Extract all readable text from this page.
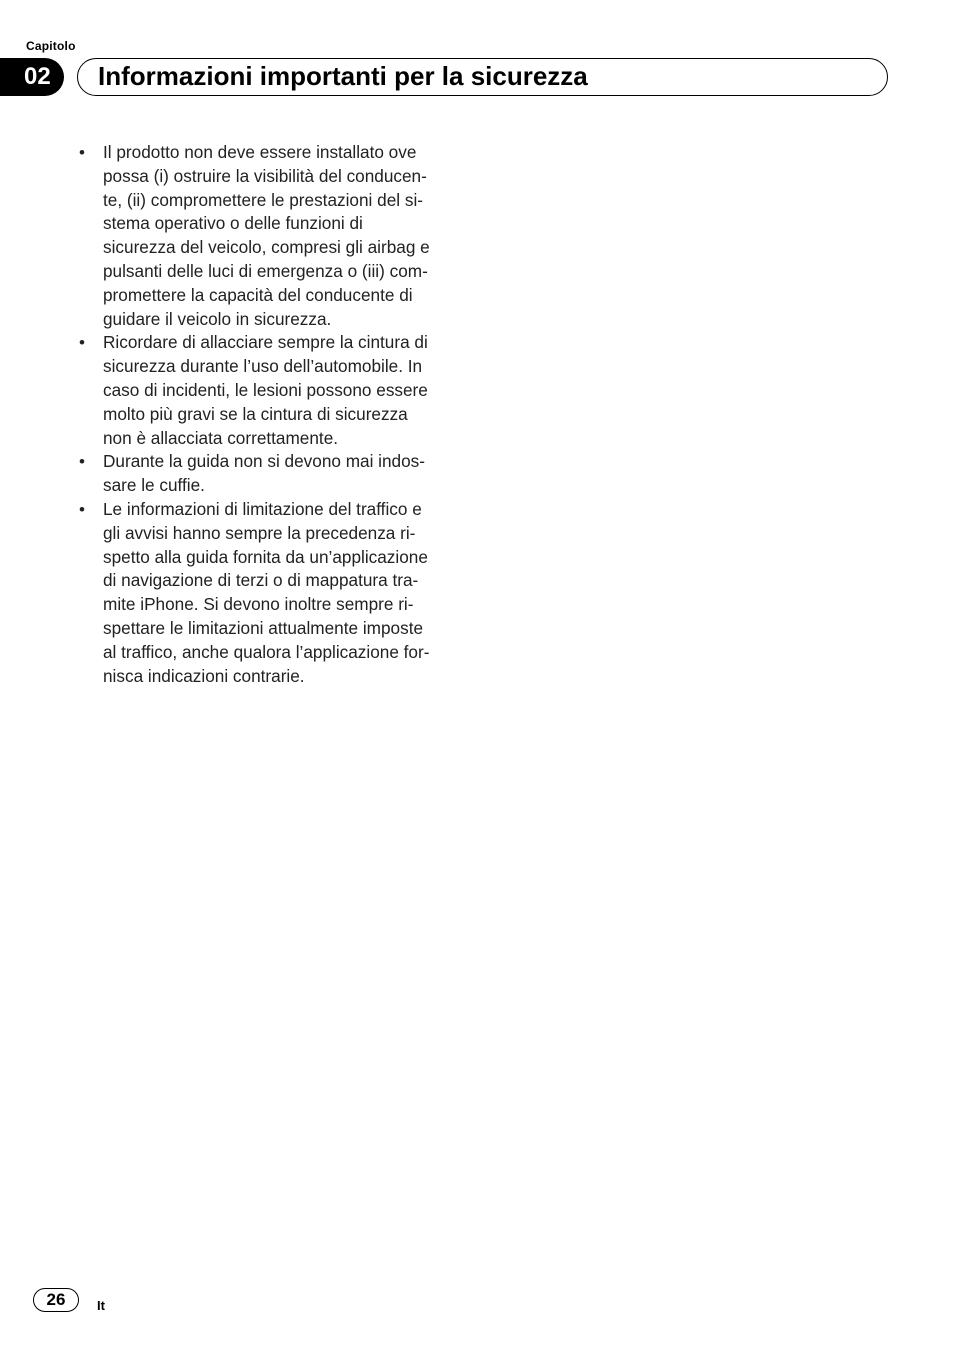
Capitolo
02	Informazioni importanti per la sicurezza
• Il prodotto non deve essere installato ove
possa (i) ostruire la visibilità del conducen-
te, (ii) compromettere le prestazioni del si-
stema operativo o delle funzioni di
sicurezza del veicolo, compresi gli airbag e
pulsanti delle luci di emergenza o (iii) com-
promettere la capacità del conducente di
guidare il veicolo in sicurezza.
• Ricordare di allacciare sempre la cintura di
sicurezza durante l’uso dell’automobile. In
caso di incidenti, le lesioni possono essere
molto più gravi se la cintura di sicurezza
non è allacciata correttamente.
• Durante la guida non si devono mai indos-
sare le cuffie.
• Le informazioni di limitazione del traffico e
gli avvisi hanno sempre la precedenza ri-
spetto alla guida fornita da un’applicazione
di navigazione di terzi o di mappatura tra-
mite iPhone. Si devono inoltre sempre ri-
spettare le limitazioni attualmente imposte
al traffico, anche qualora l’applicazione for-
nisca indicazioni contrarie.
26	It
